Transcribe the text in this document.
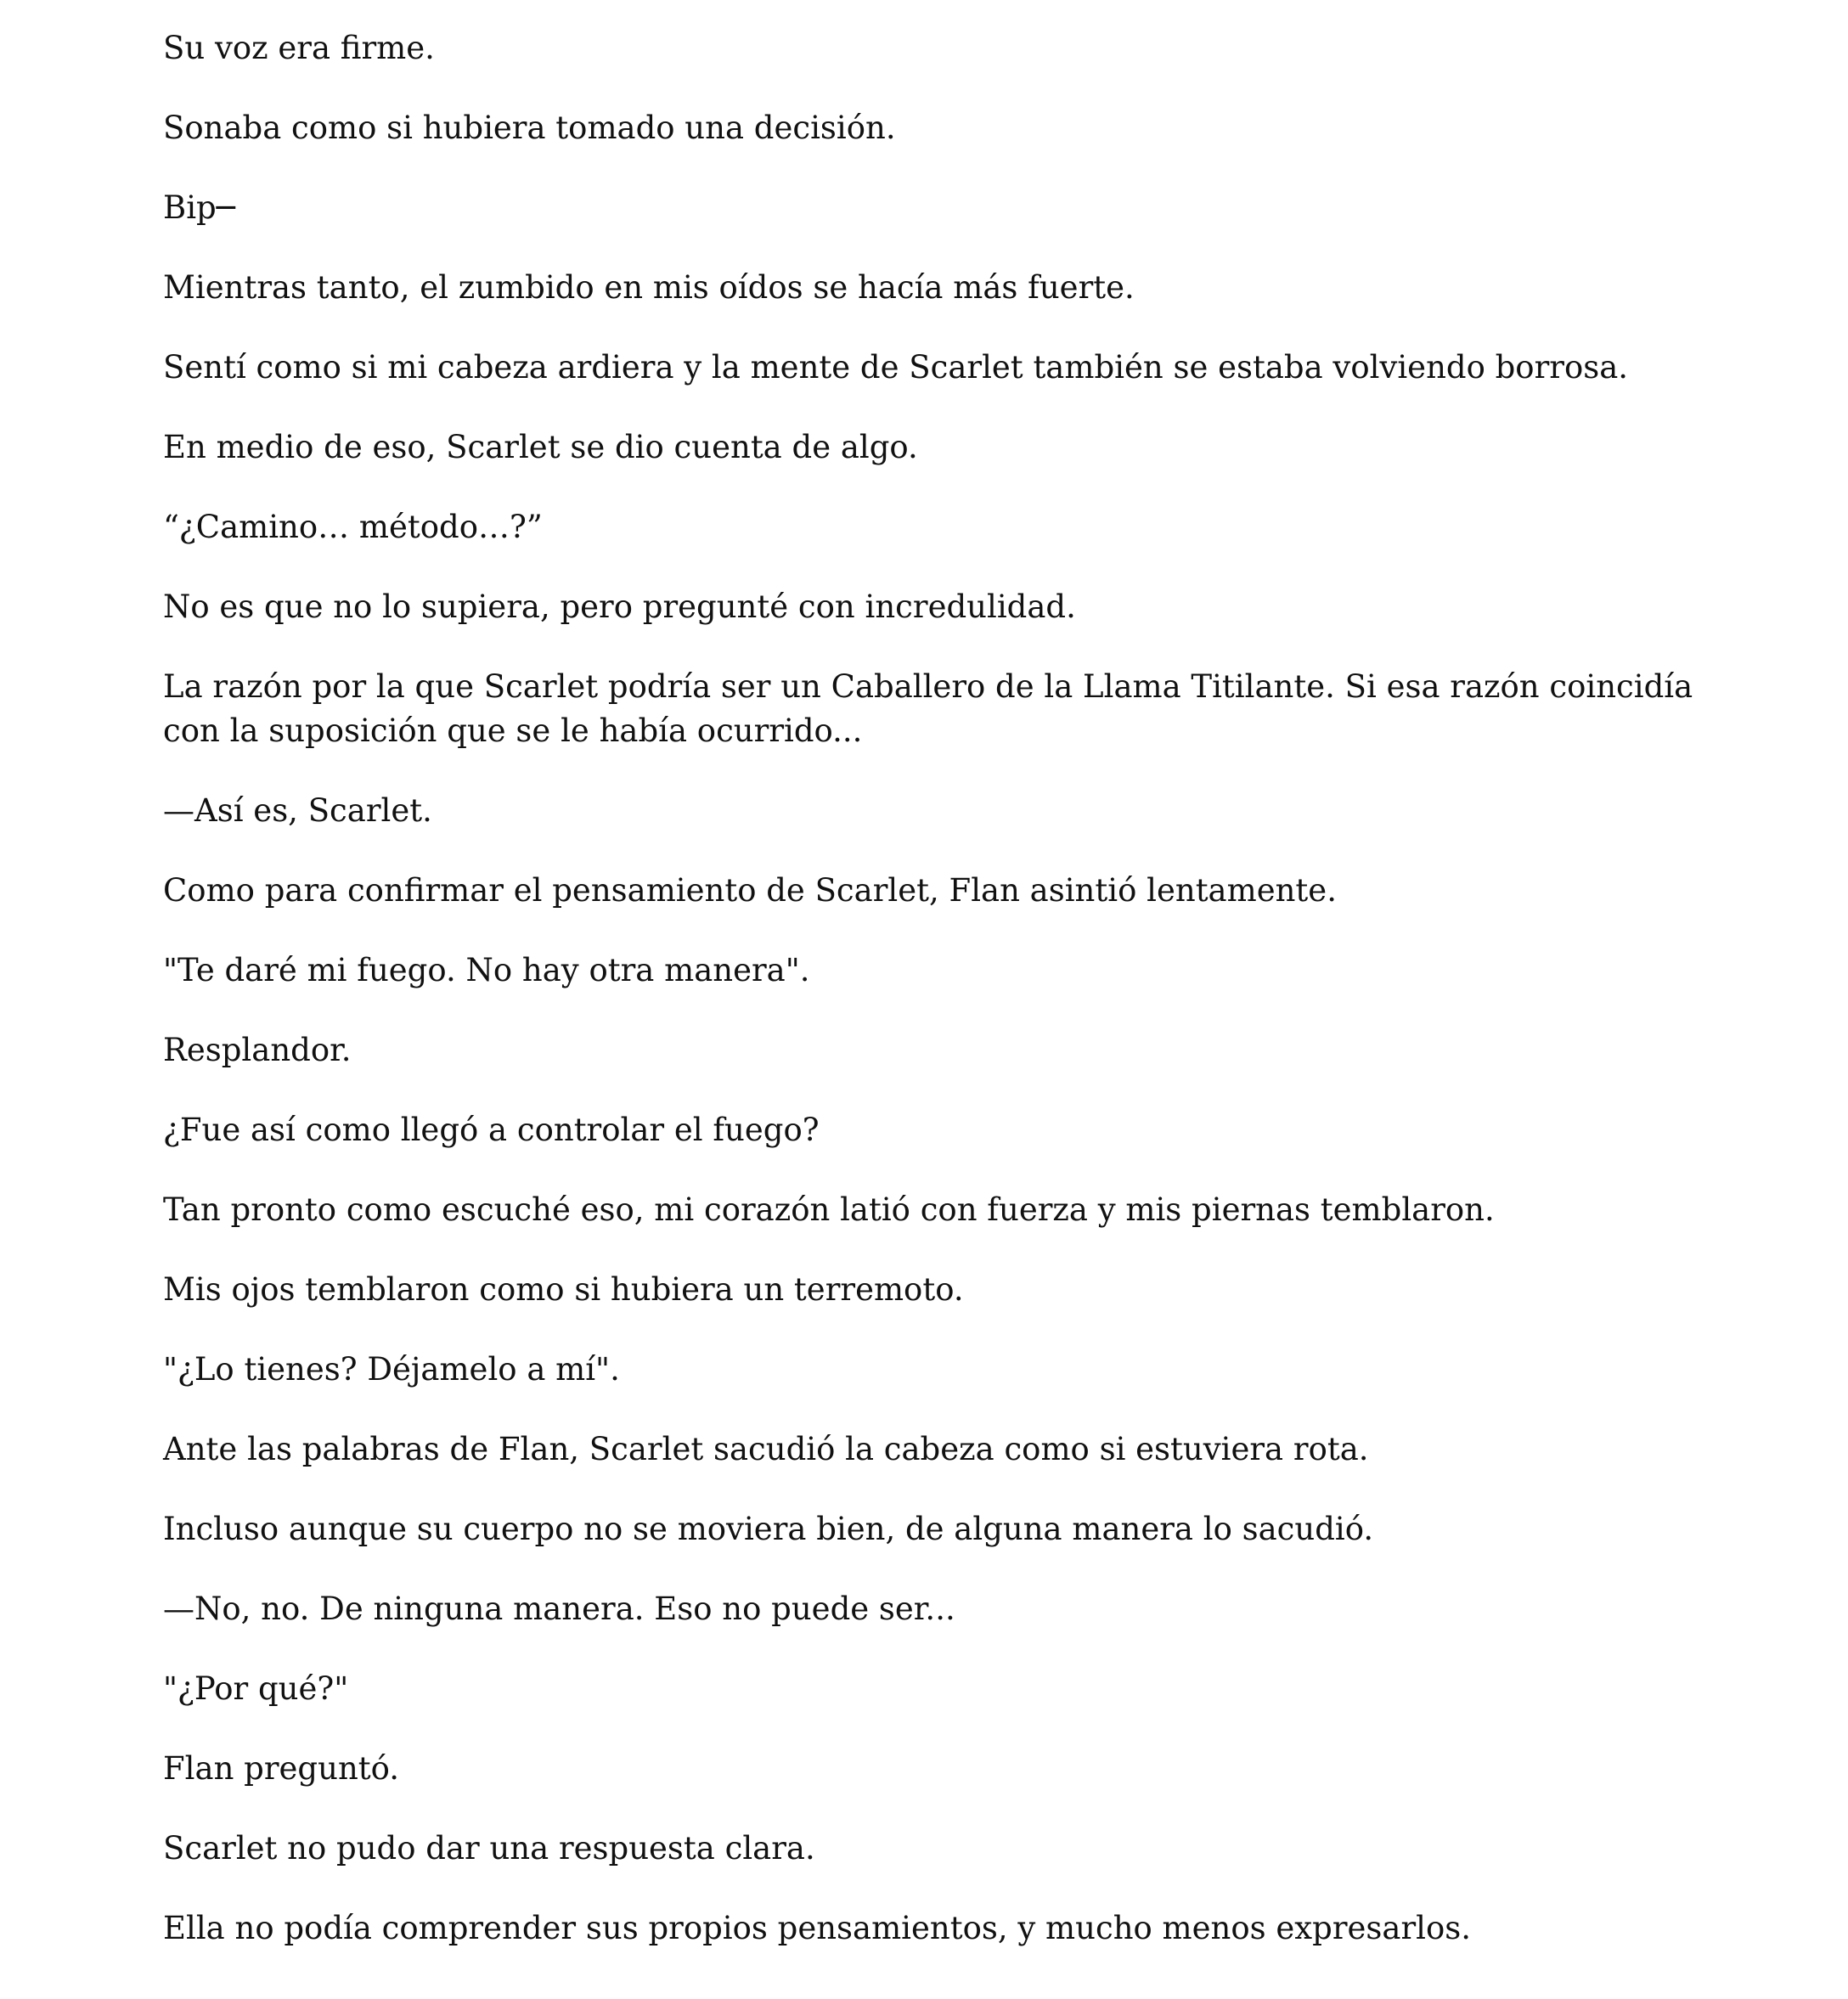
Su voz era firme.

Sonaba como si hubiera tomado una decisión.

Bip─

Mientras tanto, el zumbido en mis oídos se hacía más fuerte.

Sentí como si mi cabeza ardiera y la mente de Scarlet también se estaba volviendo borrosa.

En medio de eso, Scarlet se dio cuenta de algo.

“¿Camino… método…?”

No es que no lo supiera, pero pregunté con incredulidad.

La razón por la que Scarlet podría ser un Caballero de la Llama Titilante. Si esa razón coincidía con la suposición que se le había ocurrido...

—Así es, Scarlet.

Como para confirmar el pensamiento de Scarlet, Flan asintió lentamente.

"Te daré mi fuego. No hay otra manera".

Resplandor.

¿Fue así como llegó a controlar el fuego?

Tan pronto como escuché eso, mi corazón latió con fuerza y mis piernas temblaron.

Mis ojos temblaron como si hubiera un terremoto.

"¿Lo tienes? Déjamelo a mí".

Ante las palabras de Flan, Scarlet sacudió la cabeza como si estuviera rota.

Incluso aunque su cuerpo no se moviera bien, de alguna manera lo sacudió.

—No, no. De ninguna manera. Eso no puede ser...

"¿Por qué?"

Flan preguntó.

Scarlet no pudo dar una respuesta clara.

Ella no podía comprender sus propios pensamientos, y mucho menos expresarlos.
